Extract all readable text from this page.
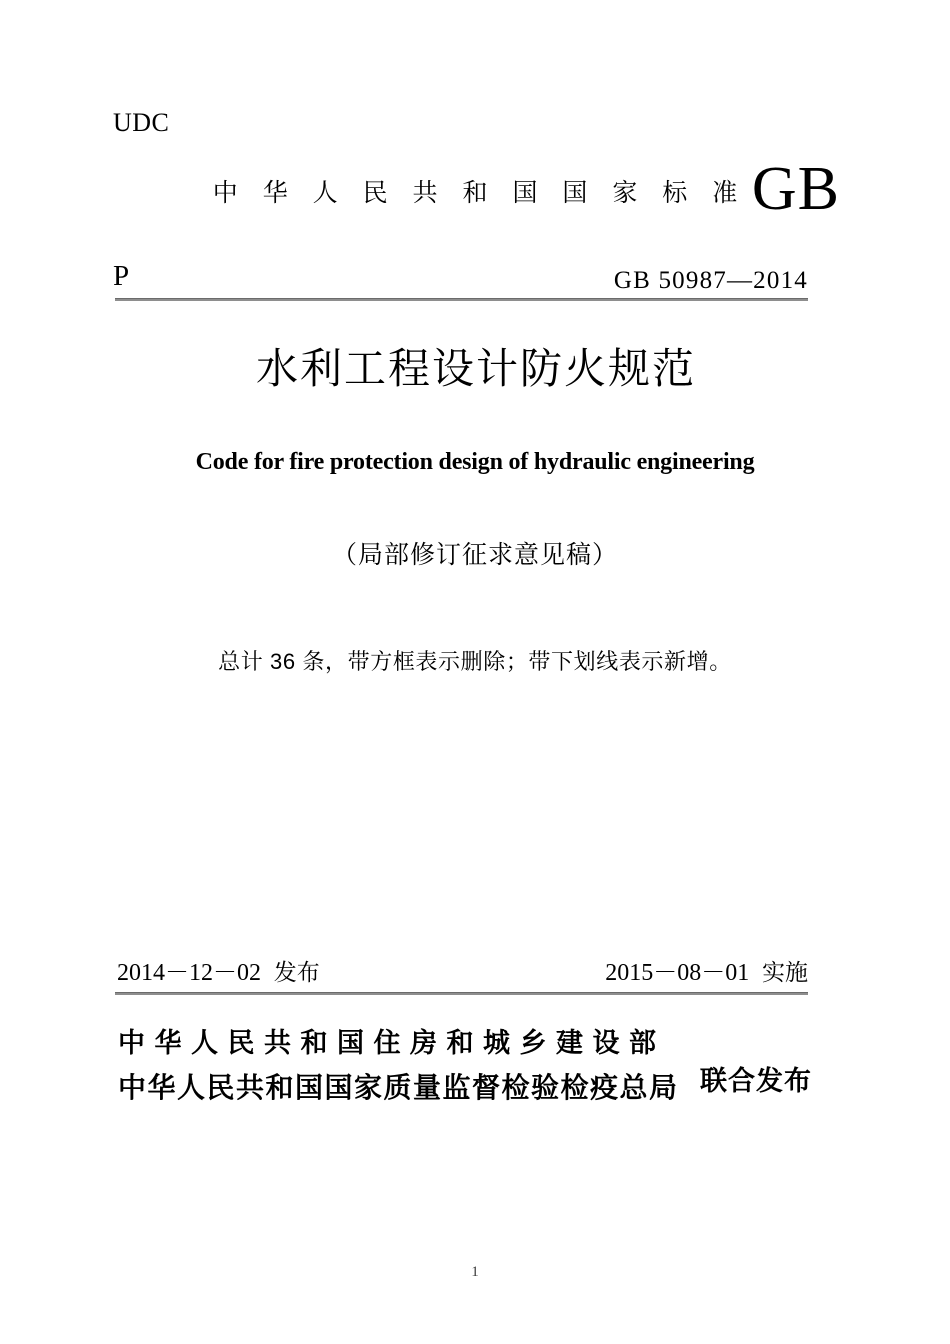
UDC
中 华 人 民 共 和 国 国 家 标 准 GB
P	GB 50987—2014
水利工程设计防火规范
Code for fire protection design of hydraulic engineering
（局部修订征求意见稿）
总计 36 条，带方框表示删除；带下划线表示新增。
2014－12－02 发布	2015－08－01 实施
中华人民共和国住房和城乡建设部
中华人民共和国国家质量监督检验检疫总局 联合发布
1
